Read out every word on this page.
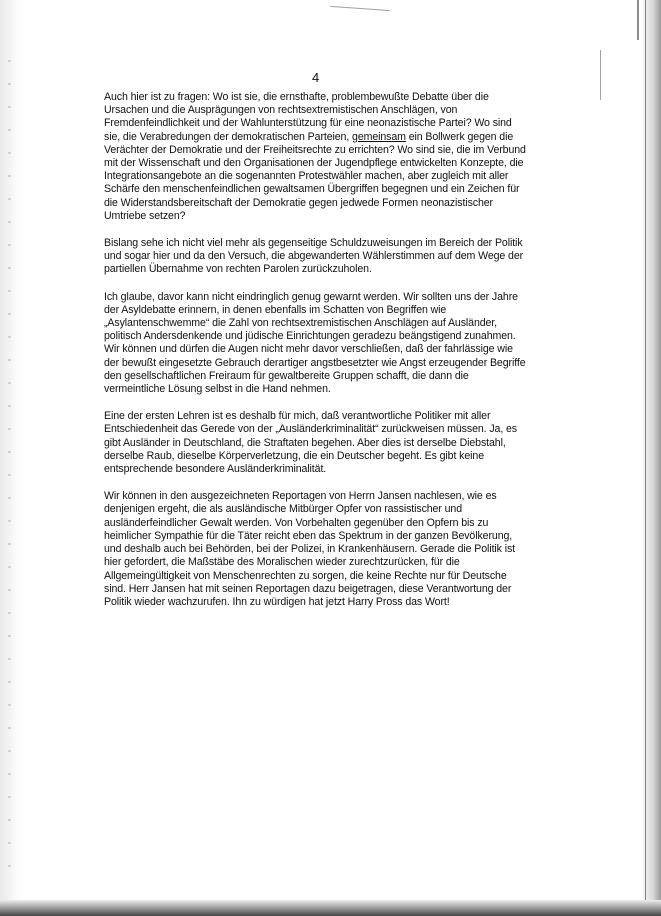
4

Auch hier ist zu fragen: Wo ist sie, die ernsthafte, problembewußte Debatte über die Ursachen und die Ausprägungen von rechtsextremistischen Anschlägen, von Fremdenfeindlichkeit und der Wahlunterstützung für eine neonazistische Partei? Wo sind sie, die Verabredungen der demokratischen Parteien, gemeinsam ein Bollwerk gegen die Verächter der Demokratie und der Freiheitsrechte zu errichten? Wo sind sie, die im Verbund mit der Wissenschaft und den Organisationen der Jugendpflege entwickelten Konzepte, die Integrationsangebote an die sogenannten Protestwähler machen, aber zugleich mit aller Schärfe den menschenfeindlichen gewaltsamen Übergriffen begegnen und ein Zeichen für die Widerstandsbereitschaft der Demokratie gegen jedwede Formen neonazistischer Umtriebe setzen?

Bislang sehe ich nicht viel mehr als gegenseitige Schuldzuweisungen im Bereich der Politik und sogar hier und da den Versuch, die abgewanderten Wählerstimmen auf dem Wege der partiellen Übernahme von rechten Parolen zurückzuholen.

Ich glaube, davor kann nicht eindringlich genug gewarnt werden. Wir sollten uns der Jahre der Asyldebatte erinnern, in denen ebenfalls im Schatten von Begriffen wie „Asylantenschwemme“ die Zahl von rechtsextremistischen Anschlägen auf Ausländer, politisch Andersdenkende und jüdische Einrichtungen geradezu beängstigend zunahmen. Wir können und dürfen die Augen nicht mehr davor verschließen, daß der fahrlässige wie der bewußt eingesetzte Gebrauch derartiger angstbesetzter wie Angst erzeugender Begriffe den gesellschaftlichen Freiraum für gewaltbereite Gruppen schafft, die dann die vermeintliche Lösung selbst in die Hand nehmen.

Eine der ersten Lehren ist es deshalb für mich, daß verantwortliche Politiker mit aller Entschiedenheit das Gerede von der „Ausländerkriminalität“ zurückweisen müssen. Ja, es gibt Ausländer in Deutschland, die Straftaten begehen. Aber dies ist derselbe Diebstahl, derselbe Raub, dieselbe Körperverletzung, die ein Deutscher begeht. Es gibt keine entsprechende besondere Ausländerkriminalität.

Wir können in den ausgezeichneten Reportagen von Herrn Jansen nachlesen, wie es denjenigen ergeht, die als ausländische Mitbürger Opfer von rassistischer und ausländerfeindlicher Gewalt werden. Von Vorbehalten gegenüber den Opfern bis zu heimlicher Sympathie für die Täter reicht eben das Spektrum in der ganzen Bevölkerung, und deshalb auch bei Behörden, bei der Polizei, in Krankenhäusern. Gerade die Politik ist hier gefordert, die Maßstäbe des Moralischen wieder zurechtzurücken, für die Allgemeingültigkeit von Menschenrechten zu sorgen, die keine Rechte nur für Deutsche sind. Herr Jansen hat mit seinen Reportagen dazu beigetragen, diese Verantwortung der Politik wieder wachzurufen. Ihn zu würdigen hat jetzt Harry Pross das Wort!
